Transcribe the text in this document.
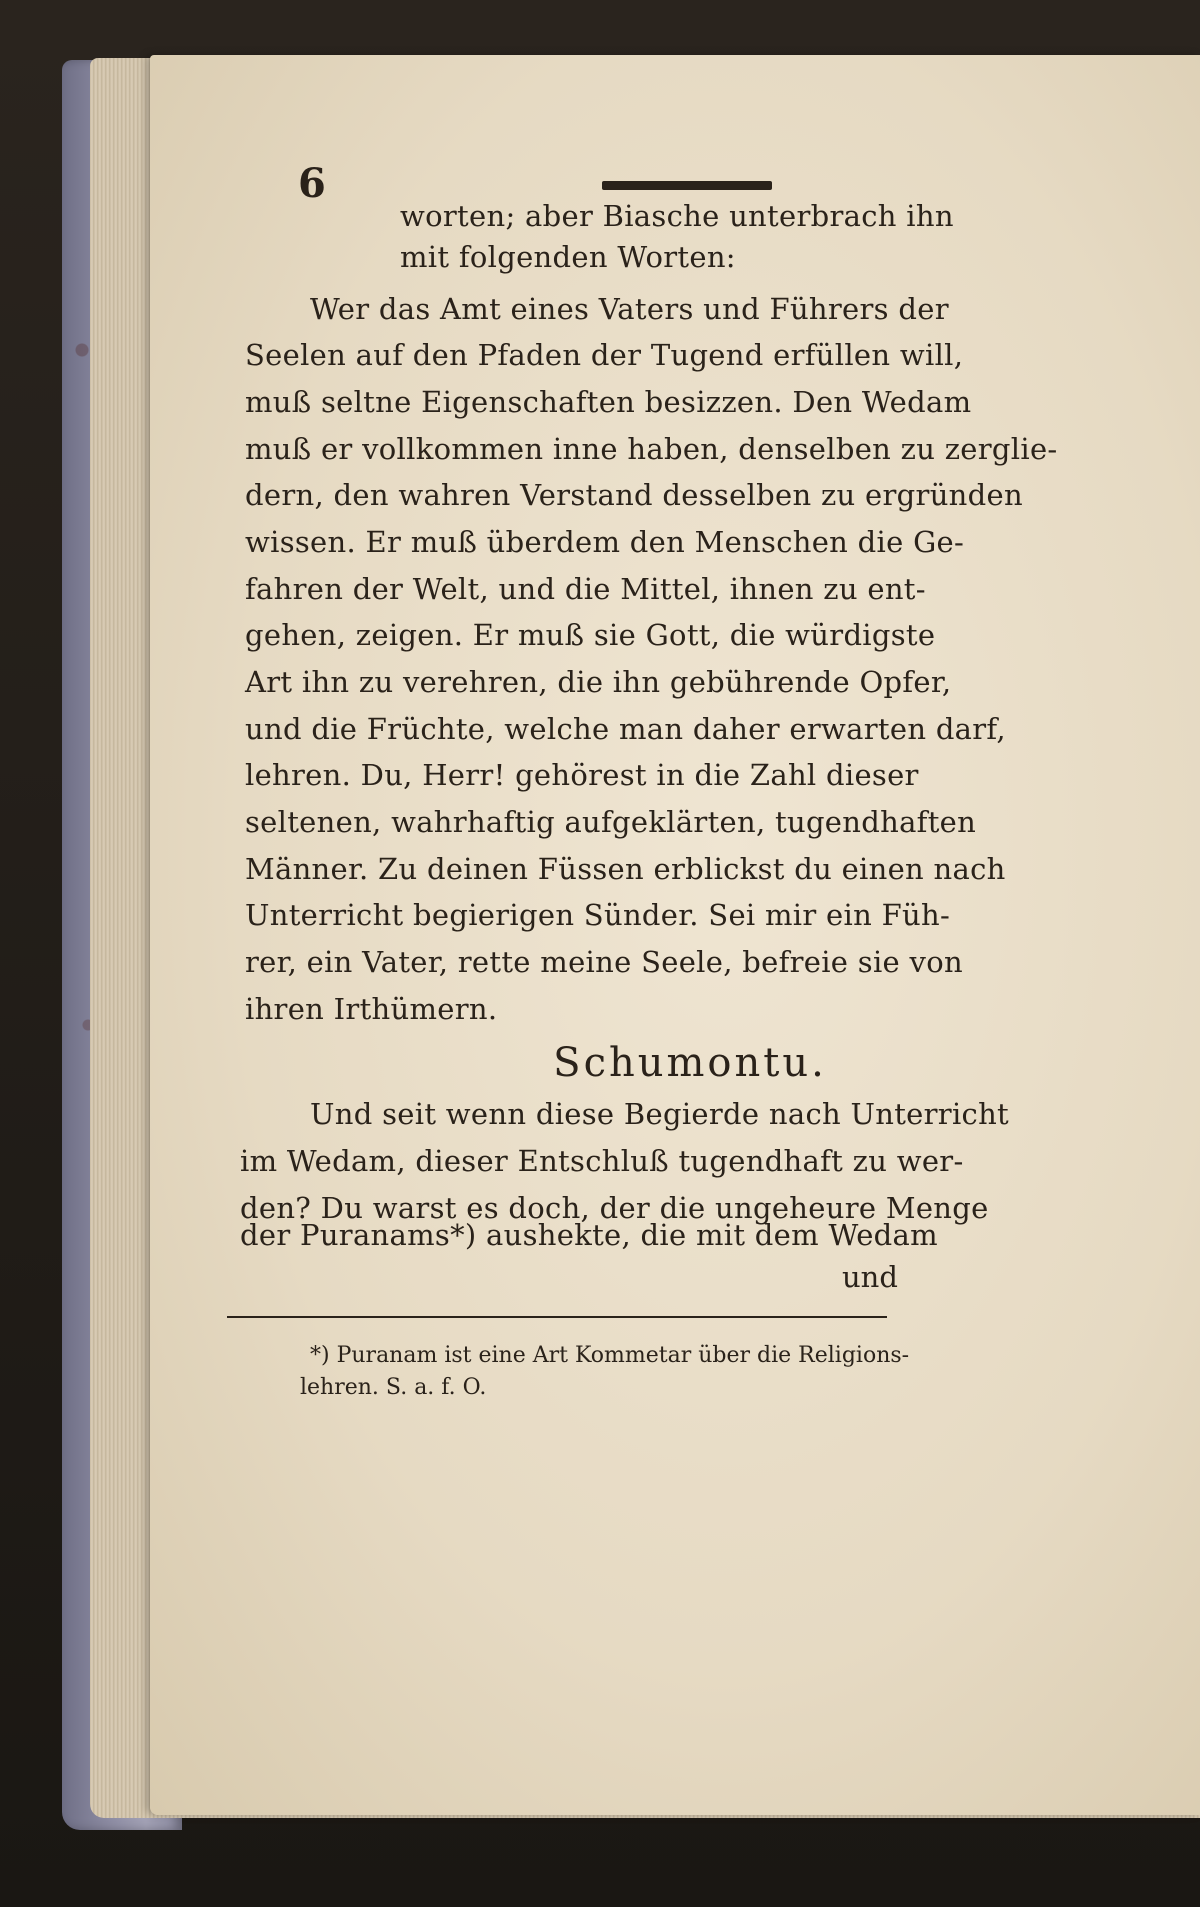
6
worten; aber Biasche unterbrach ihn
mit folgenden Worten:
Wer das Amt eines Vaters und Führers der
Seelen auf den Pfaden der Tugend erfüllen will,
muß seltne Eigenschaften besizzen. Den Wedam
muß er vollkommen inne haben, denselben zu zerglie-
dern, den wahren Verstand desselben zu ergründen
wissen. Er muß überdem den Menschen die Ge-
fahren der Welt, und die Mittel, ihnen zu ent-
gehen, zeigen. Er muß sie Gott, die würdigste
Art ihn zu verehren, die ihn gebührende Opfer,
und die Früchte, welche man daher erwarten darf,
lehren. Du, Herr! gehörest in die Zahl dieser
seltenen, wahrhaftig aufgeklärten, tugendhaften
Männer. Zu deinen Füssen erblickst du einen nach
Unterricht begierigen Sünder. Sei mir ein Füh-
rer, ein Vater, rette meine Seele, befreie sie von
ihren Irthümern.
Schumontu.
Und seit wenn diese Begierde nach Unterricht
im Wedam, dieser Entschluß tugendhaft zu wer-
den? Du warst es doch, der die ungeheure Menge
der Puranams*) aushekte, die mit dem Wedam
und
*) Puranam ist eine Art Kommetar über die Religions-
lehren. S. a. f. O.
